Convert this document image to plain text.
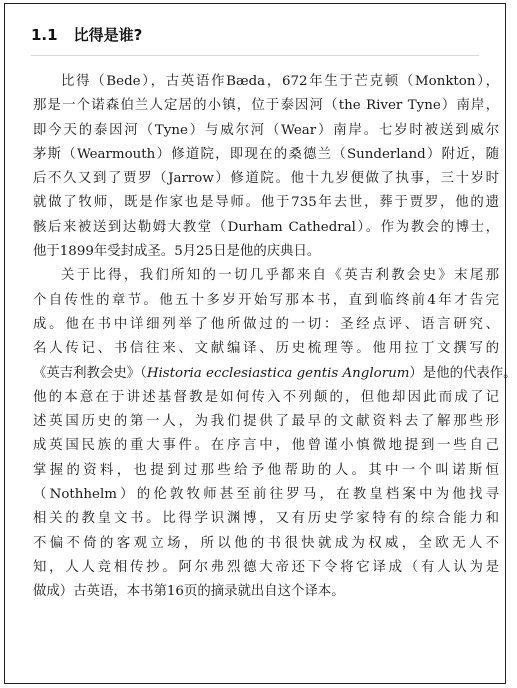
1.1 比得是谁?
比得（Bede），古英语作Bæda，672年生于芒克顿（Monkton），
那是一个诺森伯兰人定居的小镇，位于泰因河（the River Tyne）南岸，
即今天的泰因河（Tyne）与威尔河（Wear）南岸。七岁时被送到威尔
茅斯（Wearmouth）修道院，即现在的桑德兰（Sunderland）附近，随
后不久又到了贾罗（Jarrow）修道院。他十九岁便做了执事，三十岁时
就做了牧师，既是作家也是导师。他于735年去世，葬于贾罗，他的遗
骸后来被送到达勒姆大教堂（Durham Cathedral）。作为教会的博士，
他于1899年受封成圣。5月25日是他的庆典日。
关于比得，我们所知的一切几乎都来自《英吉利教会史》末尾那
个自传性的章节。他五十多岁开始写那本书，直到临终前4年才告完
成。他在书中详细列举了他所做过的一切：圣经点评、语言研究、
名人传记、书信往来、文献编译、历史梳理等。他用拉丁文撰写的
《英吉利教会史》（Historia ecclesiastica gentis Anglorum）是他的代表作。
他的本意在于讲述基督教是如何传入不列颠的，但他却因此而成了记
述英国历史的第一人，为我们提供了最早的文献资料去了解那些形
成英国民族的重大事件。在序言中，他曾谨小慎微地提到一些自己
掌握的资料，也提到过那些给予他帮助的人。其中一个叫诺斯恒
（Nothhelm）的伦敦牧师甚至前往罗马，在教皇档案中为他找寻
相关的教皇文书。比得学识渊博，又有历史学家特有的综合能力和
不偏不倚的客观立场，所以他的书很快就成为权威，全欧无人不
知，人人竞相传抄。阿尔弗烈德大帝还下令将它译成（有人认为是
做成）古英语，本书第16页的摘录就出自这个译本。
